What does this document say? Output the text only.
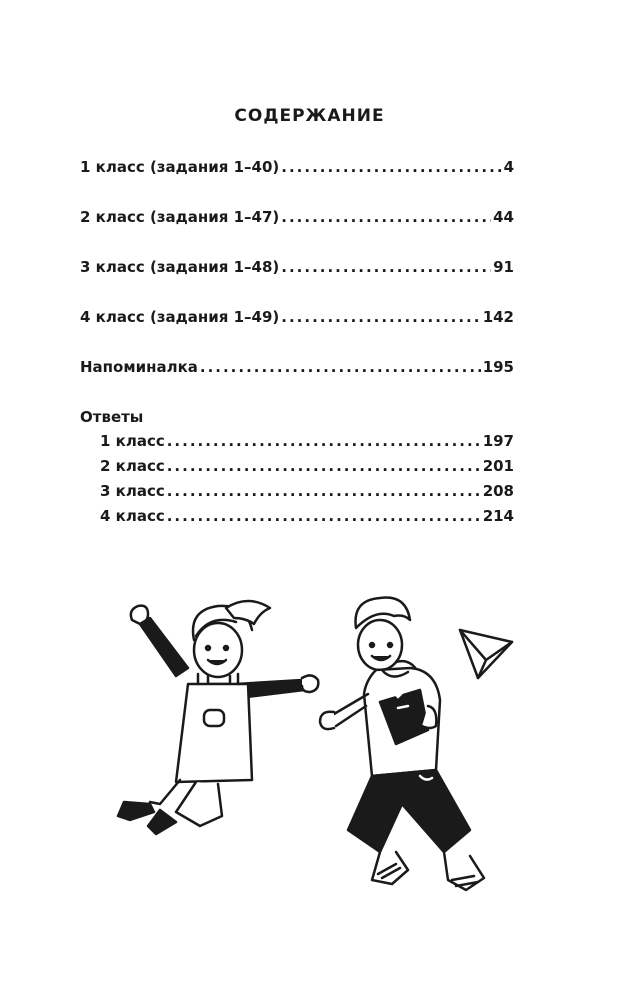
СОДЕРЖАНИЕ
1 класс (задания 1–40) .....	4
2 класс (задания 1–47) .....	44
3 класс (задания 1–48) .....	91
4 класс (задания 1–49) .....	142
Напоминалка .....	195
Ответы
1 класс .....	197
2 класс .....	201
3 класс .....	208
4 класс .....	214
